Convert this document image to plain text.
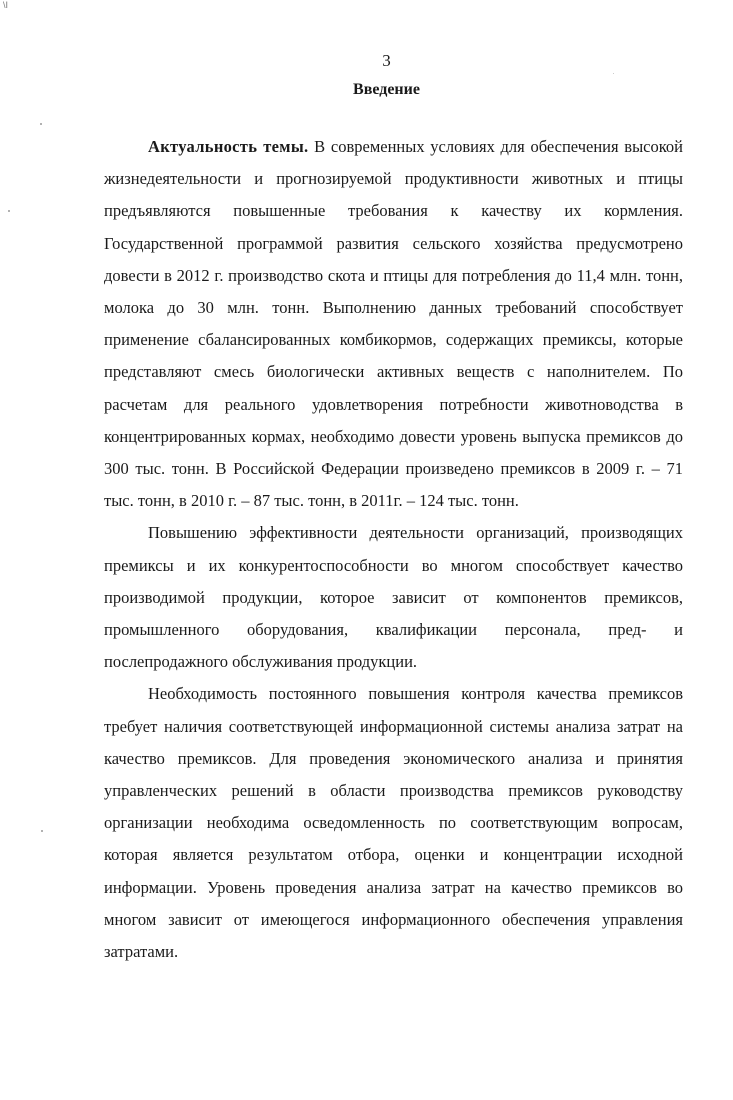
\I
3
Введение

Актуальность темы. В современных условиях для обеспечения высокой жизнедеятельности и прогнозируемой продуктивности животных и птицы предъявляются повышенные требования к качеству их кормления. Государственной программой развития сельского хозяйства предусмотрено довести в 2012 г. производство скота и птицы для потребления до 11,4 млн. тонн, молока до 30 млн. тонн. Выполнению данных требований способствует применение сбалансированных комбикормов, содержащих премиксы, которые представляют смесь биологически активных веществ с наполнителем. По расчетам для реального удовлетворения потребности животноводства в концентрированных кормах, необходимо довести уровень выпуска премиксов до 300 тыс. тонн. В Российской Федерации произведено премиксов в 2009 г. – 71 тыс. тонн, в 2010 г. – 87 тыс. тонн, в 2011г. – 124 тыс. тонн.

Повышению эффективности деятельности организаций, производящих премиксы и их конкурентоспособности во многом способствует качество производимой продукции, которое зависит от компонентов премиксов, промышленного оборудования, квалификации персонала, пред- и послепродажного обслуживания продукции.

Необходимость постоянного повышения контроля качества премиксов требует наличия соответствующей информационной системы анализа затрат на качество премиксов. Для проведения экономического анализа и принятия управленческих решений в области производства премиксов руководству организации необходима осведомленность по соответствующим вопросам, которая является результатом отбора, оценки и концентрации исходной информации. Уровень проведения анализа затрат на качество премиксов во многом зависит от имеющегося информационного обеспечения управления затратами.
